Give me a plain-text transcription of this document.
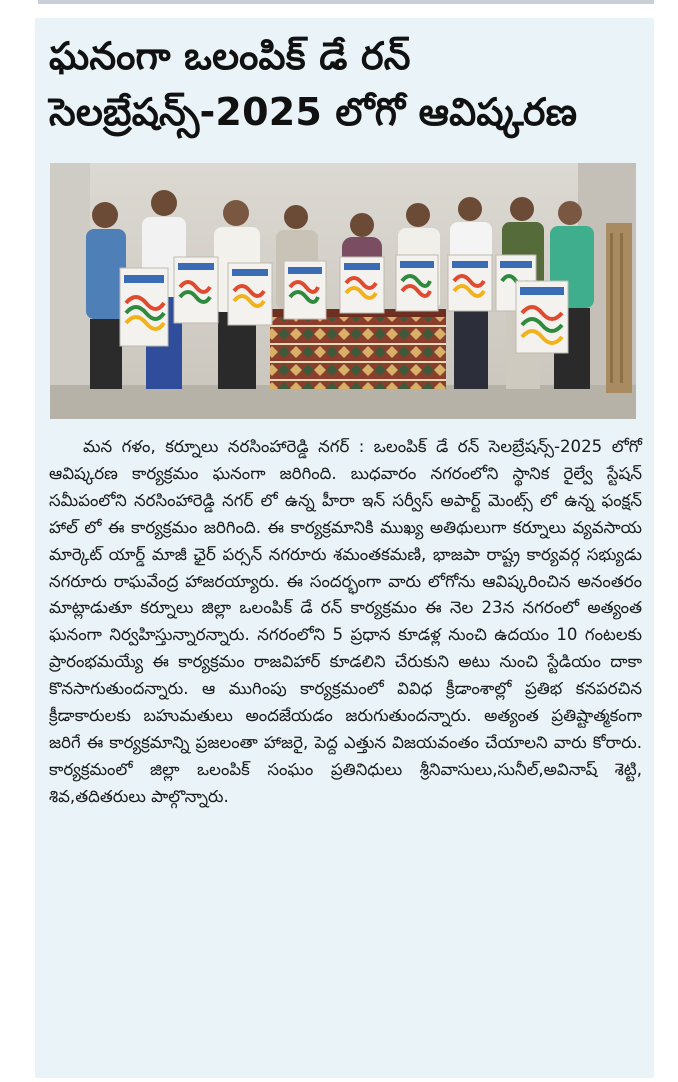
ఘనంగా ఒలంపిక్ డే రన్
సెలబ్రేషన్స్-2025 లోగో ఆవిష్కరణ

మన గళం, కర్నూలు నరసింహారెడ్డి నగర్ : ఒలంపిక్ డే రన్ సెలబ్రేషన్స్-2025 లోగో ఆవిష్కరణ కార్యక్రమం ఘనంగా జరిగింది. బుధవారం నగరంలోని స్థానిక రైల్వే స్టేషన్ సమీపంలోని నరసింహారెడ్డి నగర్ లో ఉన్న హీరా ఇన్ సర్వీస్ అపార్ట్ మెంట్స్ లో ఉన్న ఫంక్షన్ హాల్ లో ఈ కార్యక్రమం జరిగింది. ఈ కార్యక్రమానికి ముఖ్య అతిథులుగా కర్నూలు వ్యవసాయ మార్కెట్ యార్డ్ మాజీ ఛైర్ పర్సన్ నగరూరు శమంతకమణి, భాజపా రాష్ట్ర కార్యవర్గ సభ్యుడు నగరూరు రాఘవేంద్ర హాజరయ్యారు. ఈ సందర్భంగా వారు లోగోను ఆవిష్కరించిన అనంతరం మాట్లాడుతూ కర్నూలు జిల్లా ఒలంపిక్ డే రన్ కార్యక్రమం ఈ నెల 23న నగరంలో అత్యంత ఘనంగా నిర్వహిస్తున్నారన్నారు. నగరంలోని 5 ప్రధాన కూడళ్ల నుంచి ఉదయం 10 గంటలకు ప్రారంభమయ్యే ఈ కార్యక్రమం రాజవిహార్ కూడలిని చేరుకుని అటు నుంచి స్టేడియం దాకా కొనసాగుతుందన్నారు. ఆ ముగింపు కార్యక్రమంలో వివిధ క్రీడాంశాల్లో ప్రతిభ కనపరచిన క్రీడాకారులకు బహుమతులు అందజేయడం జరుగుతుందన్నారు. అత్యంత ప్రతిష్టాత్మకంగా జరిగే ఈ కార్యక్రమాన్ని ప్రజలంతా హాజరై, పెద్ద ఎత్తున విజయవంతం చేయాలని వారు కోరారు. కార్యక్రమంలో జిల్లా ఒలంపిక్ సంఘం ప్రతినిధులు శ్రీనివాసులు,సునీల్,అవినాష్ శెట్టి, శివ,తదితరులు పాల్గొన్నారు.
